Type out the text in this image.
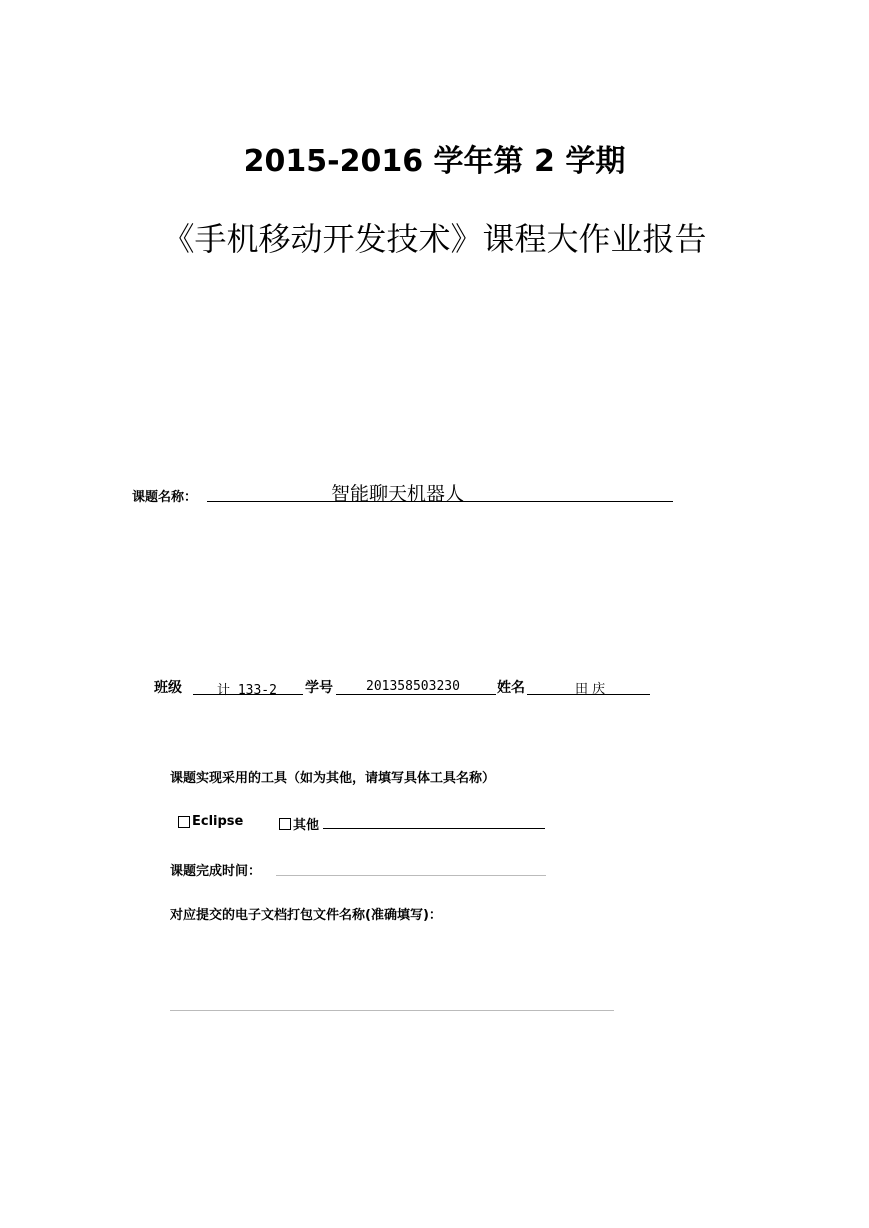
2015-2016 学年第 2 学期
《手机移动开发技术》课程大作业报告
课题名称：	智能聊天机器人
班级	计 133-2 学号	201358503230	姓名	田 庆
课题实现采用的工具（如为其他，请填写具体工具名称）
Eclipse	其他
课题完成时间：
对应提交的电子文档打包文件名称(准确填写)：
